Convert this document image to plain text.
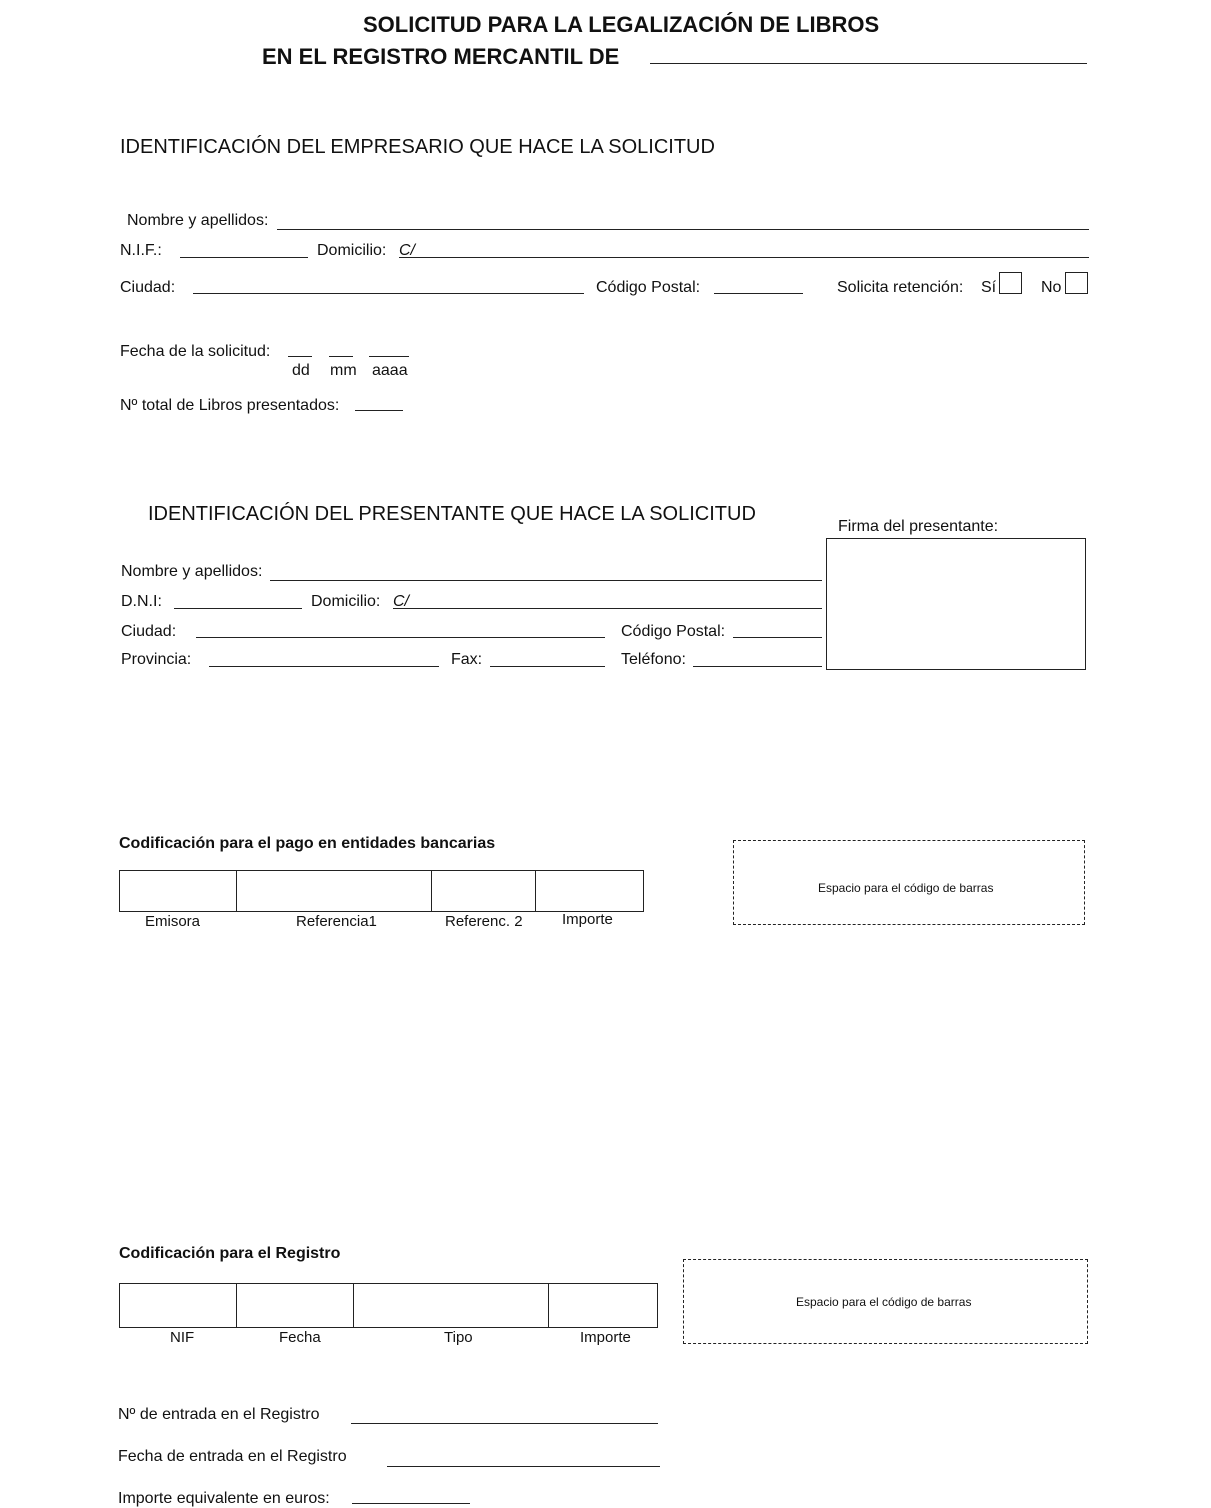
SOLICITUD PARA LA LEGALIZACIÓN DE LIBROS
EN EL REGISTRO MERCANTIL DE
IDENTIFICACIÓN DEL EMPRESARIO QUE HACE LA SOLICITUD
Nombre y apellidos:
N.I.F.:	Domicilio: C/
Ciudad:	Código Postal:	Solicita retención: Sí	No
Fecha de la solicitud:
dd mm aaaa
Nº total de Libros presentados:
IDENTIFICACIÓN DEL PRESENTANTE QUE HACE LA SOLICITUD
Firma del presentante:
Nombre y apellidos:
D.N.I:	Domicilio: C/
Ciudad:	Código Postal:
Provincia:	Fax:	Teléfono:
Codificación para el pago en entidades bancarias
Emisora	Referencia1	Referenc. 2	Importe
Espacio para el código de barras
Codificación para el Registro
NIF	Fecha	Tipo	Importe
Espacio para el código de barras
Nº de entrada en el Registro
Fecha de entrada en el Registro
Importe equivalente en euros:
